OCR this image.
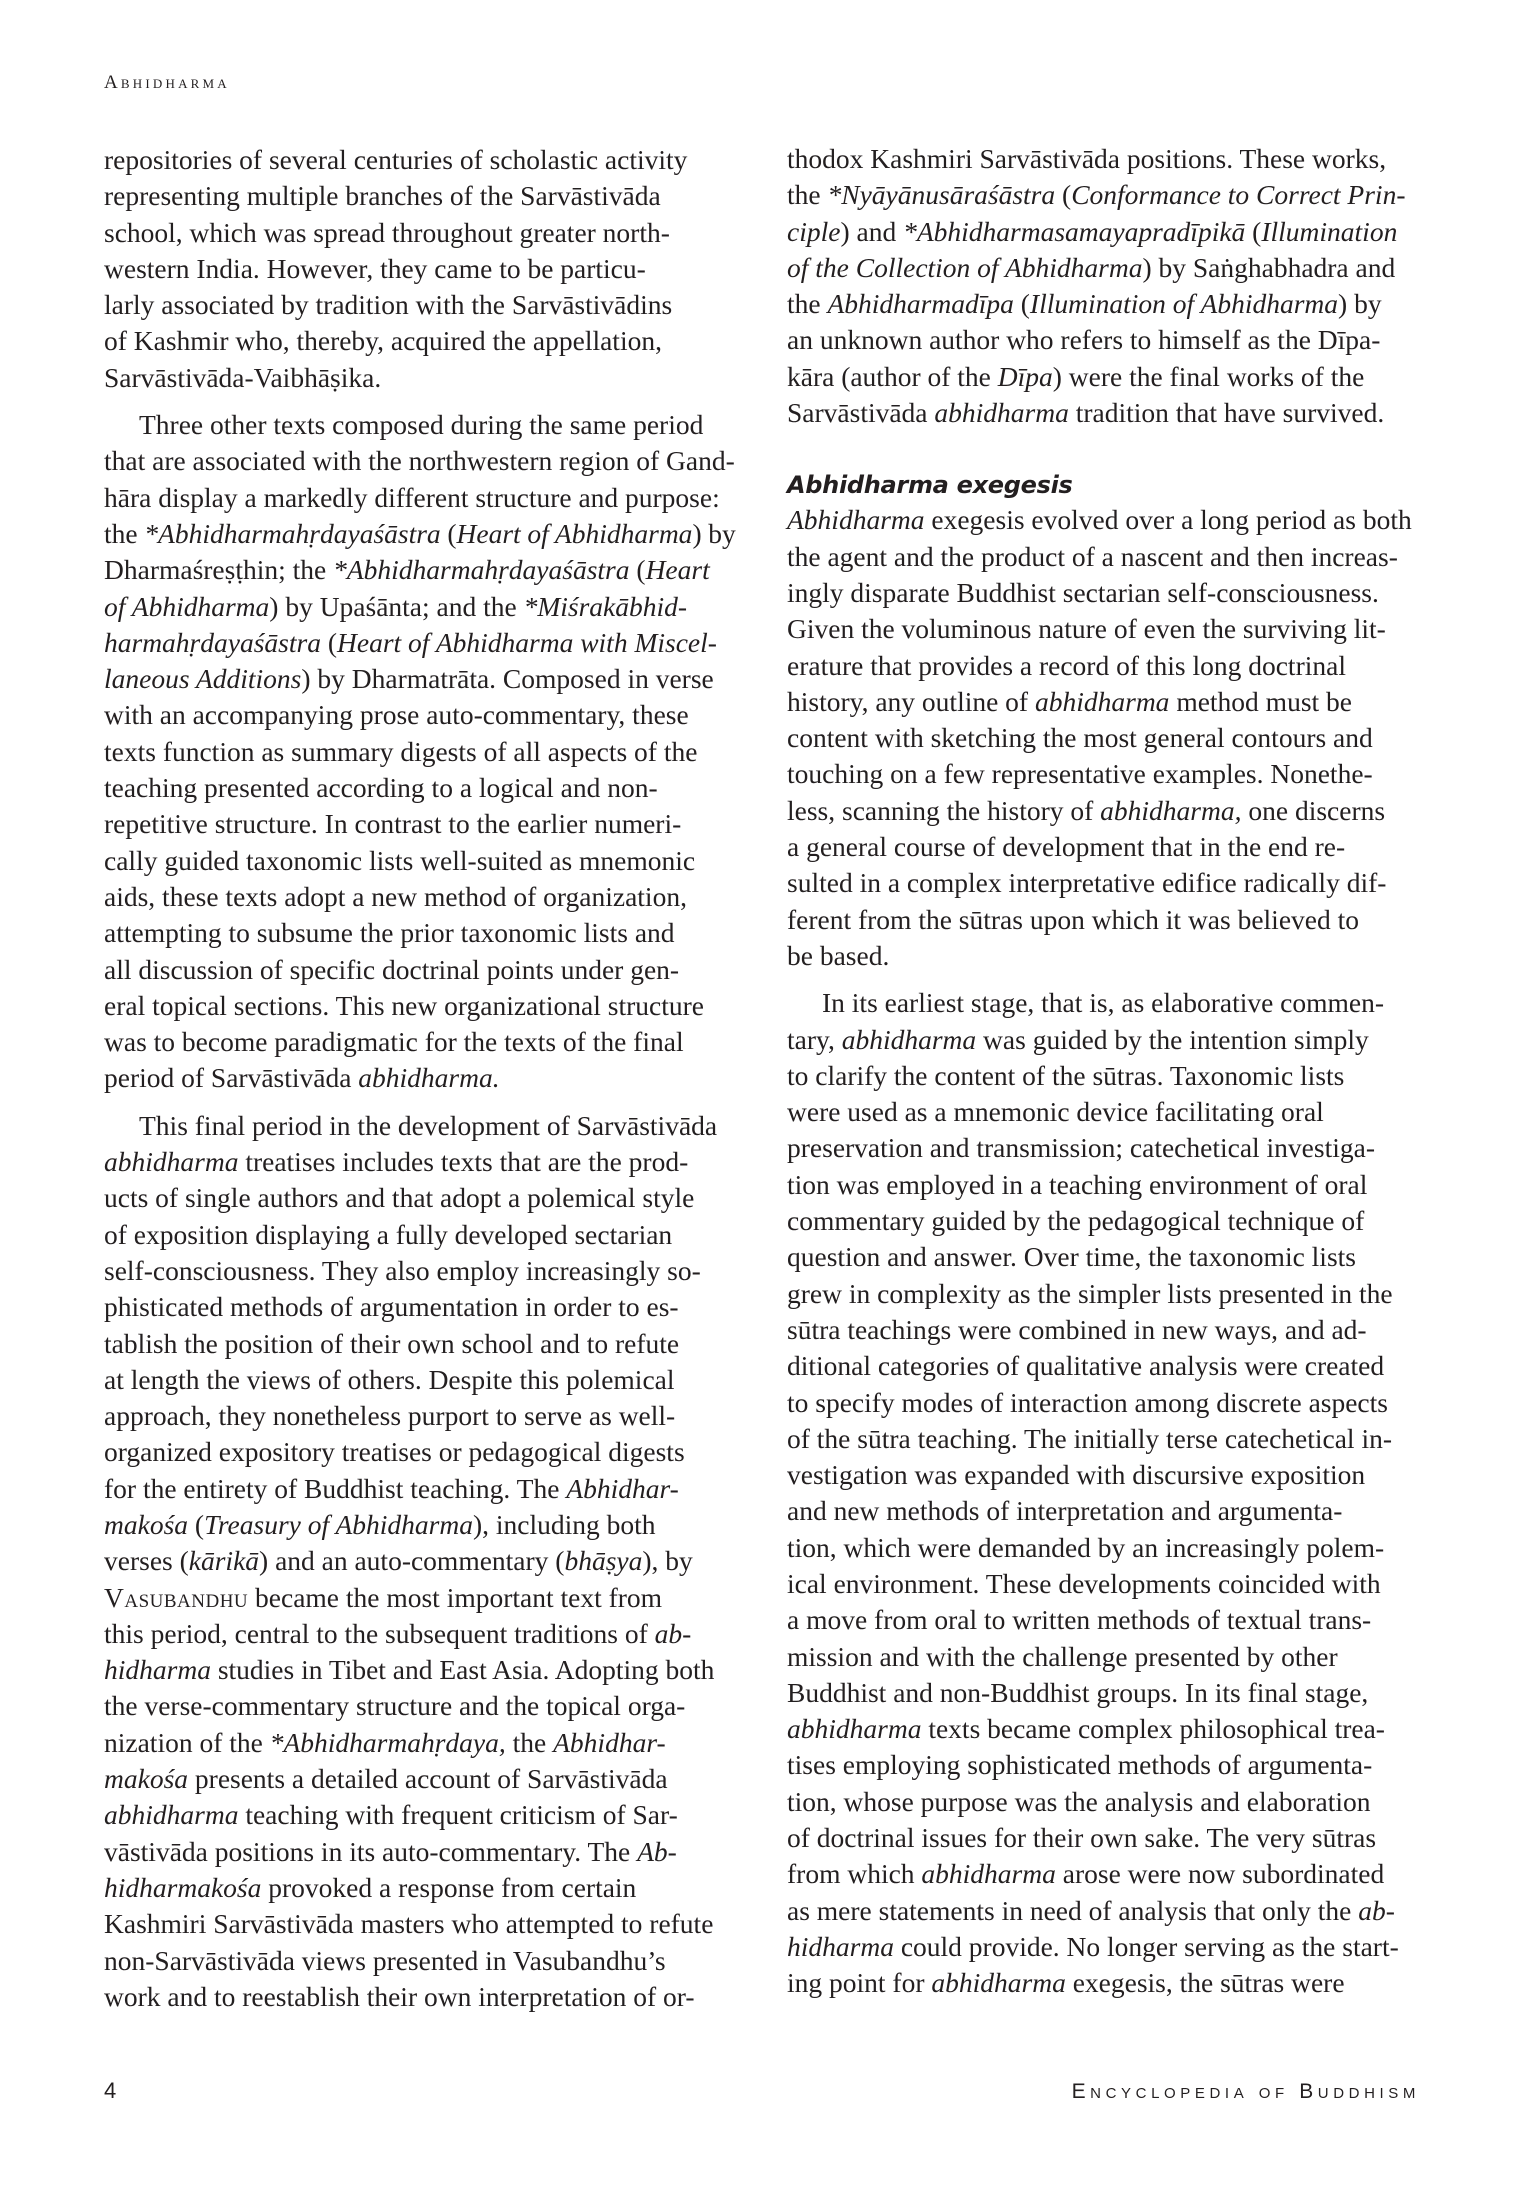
Abhidharma
repositories of several centuries of scholastic activity
representing multiple branches of the Sarvāstivāda
school, which was spread throughout greater north-
western India. However, they came to be particu-
larly associated by tradition with the Sarvāstivādins
of Kashmir who, thereby, acquired the appellation,
Sarvāstivāda-Vaibhāṣika.
Three other texts composed during the same period
that are associated with the northwestern region of Gand-
hāra display a markedly different structure and purpose:
the *Abhidharmahṛdayaśāstra (Heart of Abhidharma) by
Dharmaśreṣṭhin; the *Abhidharmahṛdayaśāstra (Heart
of Abhidharma) by Upaśānta; and the *Miśrakābhid-
harmahṛdayaśāstra (Heart of Abhidharma with Miscel-
laneous Additions) by Dharmatrāta. Composed in verse
with an accompanying prose auto-commentary, these
texts function as summary digests of all aspects of the
teaching presented according to a logical and non-
repetitive structure. In contrast to the earlier numeri-
cally guided taxonomic lists well-suited as mnemonic
aids, these texts adopt a new method of organization,
attempting to subsume the prior taxonomic lists and
all discussion of specific doctrinal points under gen-
eral topical sections. This new organizational structure
was to become paradigmatic for the texts of the final
period of Sarvāstivāda abhidharma.
This final period in the development of Sarvāstivāda
abhidharma treatises includes texts that are the prod-
ucts of single authors and that adopt a polemical style
of exposition displaying a fully developed sectarian
self-consciousness. They also employ increasingly so-
phisticated methods of argumentation in order to es-
tablish the position of their own school and to refute
at length the views of others. Despite this polemical
approach, they nonetheless purport to serve as well-
organized expository treatises or pedagogical digests
for the entirety of Buddhist teaching. The Abhidhar-
makośa (Treasury of Abhidharma), including both
verses (kārikā) and an auto-commentary (bhāṣya), by
Vasubandhu became the most important text from
this period, central to the subsequent traditions of ab-
hidharma studies in Tibet and East Asia. Adopting both
the verse-commentary structure and the topical orga-
nization of the *Abhidharmahṛdaya, the Abhidhar-
makośa presents a detailed account of Sarvāstivāda
abhidharma teaching with frequent criticism of Sar-
vāstivāda positions in its auto-commentary. The Ab-
hidharmakośa provoked a response from certain
Kashmiri Sarvāstivāda masters who attempted to refute
non-Sarvāstivāda views presented in Vasubandhu’s
work and to reestablish their own interpretation of or-
thodox Kashmiri Sarvāstivāda positions. These works,
the *Nyāyānusāraśāstra (Conformance to Correct Prin-
ciple) and *Abhidharmasamayapradīpikā (Illumination
of the Collection of Abhidharma) by Saṅghabhadra and
the Abhidharmadīpa (Illumination of Abhidharma) by
an unknown author who refers to himself as the Dīpa-
kāra (author of the Dīpa) were the final works of the
Sarvāstivāda abhidharma tradition that have survived.
Abhidharma exegesis
Abhidharma exegesis evolved over a long period as both
the agent and the product of a nascent and then increas-
ingly disparate Buddhist sectarian self-consciousness.
Given the voluminous nature of even the surviving lit-
erature that provides a record of this long doctrinal
history, any outline of abhidharma method must be
content with sketching the most general contours and
touching on a few representative examples. Nonethe-
less, scanning the history of abhidharma, one discerns
a general course of development that in the end re-
sulted in a complex interpretative edifice radically dif-
ferent from the sūtras upon which it was believed to
be based.
In its earliest stage, that is, as elaborative commen-
tary, abhidharma was guided by the intention simply
to clarify the content of the sūtras. Taxonomic lists
were used as a mnemonic device facilitating oral
preservation and transmission; catechetical investiga-
tion was employed in a teaching environment of oral
commentary guided by the pedagogical technique of
question and answer. Over time, the taxonomic lists
grew in complexity as the simpler lists presented in the
sūtra teachings were combined in new ways, and ad-
ditional categories of qualitative analysis were created
to specify modes of interaction among discrete aspects
of the sūtra teaching. The initially terse catechetical in-
vestigation was expanded with discursive exposition
and new methods of interpretation and argumenta-
tion, which were demanded by an increasingly polem-
ical environment. These developments coincided with
a move from oral to written methods of textual trans-
mission and with the challenge presented by other
Buddhist and non-Buddhist groups. In its final stage,
abhidharma texts became complex philosophical trea-
tises employing sophisticated methods of argumenta-
tion, whose purpose was the analysis and elaboration
of doctrinal issues for their own sake. The very sūtras
from which abhidharma arose were now subordinated
as mere statements in need of analysis that only the ab-
hidharma could provide. No longer serving as the start-
ing point for abhidharma exegesis, the sūtras were
4	Encyclopedia of Buddhism
